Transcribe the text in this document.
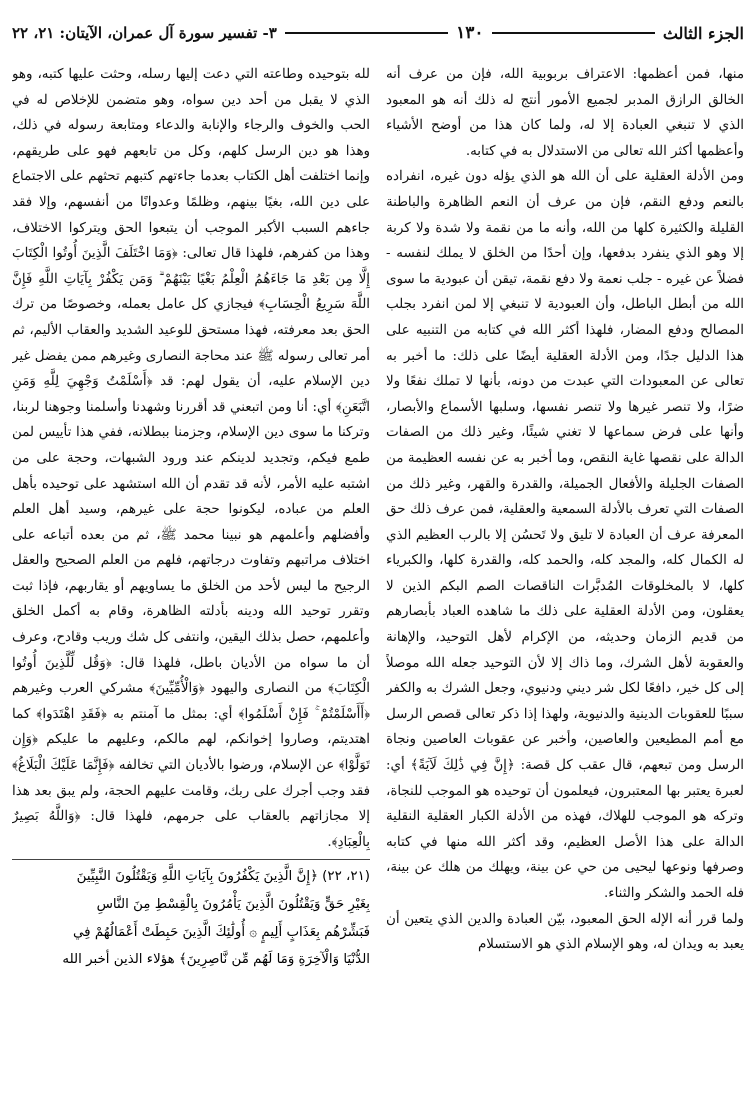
الجزء الثالث
١٣٠
٣- تفسير سورة آل عمران، الآيتان: ٢١، ٢٢

منها، فمن أعظمها: الاعتراف بربوبية الله، فإن من عرف أنه الخالق الرازق المدبر لجميع الأمور أنتج له ذلك أنه هو المعبود الذي لا تنبغي العبادة إلا له، ولما كان هذا من أوضح الأشياء وأعظمها أكثر الله تعالى من الاستدلال به في كتابه.

ومن الأدلة العقلية على أن الله هو الذي يؤله دون غيره، انفراده بالنعم ودفع النقم، فإن من عرف أن النعم الظاهرة والباطنة القليلة والكثيرة كلها من الله، وأنه ما من نقمة ولا شدة ولا كربة إلا وهو الذي ينفرد بدفعها، وإن أحدًا من الخلق لا يملك لنفسه - فضلاً عن غيره - جلب نعمة ولا دفع نقمة، تيقن أن عبودية ما سوى الله من أبطل الباطل، وأن العبودية لا تنبغي إلا لمن انفرد بجلب المصالح ودفع المضار، فلهذا أكثر الله في كتابه من التنبيه على هذا الدليل جدًا، ومن الأدلة العقلية أيضًا على ذلك: ما أخبر به تعالى عن المعبودات التي عبدت من دونه، بأنها لا تملك نفعًا ولا ضرًا، ولا تنصر غيرها ولا تنصر نفسها، وسلبها الأسماع والأبصار، وأنها على فرض سماعها لا تغني شيئًا، وغير ذلك من الصفات الدالة على نقصها غاية النقص، وما أخبر به عن نفسه العظيمة من الصفات الجليلة والأفعال الجميلة، والقدرة والقهر، وغير ذلك من الصفات التي تعرف بالأدلة السمعية والعقلية، فمن عرف ذلك حق المعرفة عرف أن العبادة لا تليق ولا تَحسُن إلا بالرب العظيم الذي له الكمال كله، والمجد كله، والحمد كله، والقدرة كلها، والكبرياء كلها، لا بالمخلوقات المُدبَّرات الناقصات الصم البكم الذين لا يعقلون، ومن الأدلة العقلية على ذلك ما شاهده العباد بأبصارهم من قديم الزمان وحديثه، من الإكرام لأهل التوحيد، والإهانة والعقوبة لأهل الشرك، وما ذاك إلا لأن التوحيد جعله الله موصلاً إلى كل خير، دافعًا لكل شر ديني ودنيوي، وجعل الشرك به والكفر سببًا للعقوبات الدينية والدنيوية، ولهذا إذا ذكر تعالى قصص الرسل مع أمم المطيعين والعاصين، وأخبر عن عقوبات العاصين ونجاة الرسل ومن تبعهم، قال عقب كل قصة: ﴿إِنَّ فِي ذَٰلِكَ لَآيَةً﴾ أي: لعبرة يعتبر بها المعتبرون، فيعلمون أن توحيده هو الموجب للنجاة، وتركه هو الموجب للهلاك، فهذه من الأدلة الكبار العقلية النقلية الدالة على هذا الأصل العظيم، وقد أكثر الله منها في كتابه وصرفها ونوعها ليحيى من حي عن بينة، ويهلك من هلك عن بينة، فله الحمد والشكر والثناء.

ولما قرر أنه الإله الحق المعبود، بيّن العبادة والدين الذي يتعين أن يعبد به ويدان له، وهو الإسلام الذي هو الاستسلام

لله بتوحيده وطاعته التي دعت إليها رسله، وحثت عليها كتبه، وهو الذي لا يقبل من أحد دين سواه، وهو متضمن للإخلاص له في الحب والخوف والرجاء والإنابة والدعاء ومتابعة رسوله في ذلك، وهذا هو دين الرسل كلهم، وكل من تابعهم فهو على طريقهم، وإنما اختلفت أهل الكتاب بعدما جاءتهم كتبهم تحثهم على الاجتماع على دين الله، بغيًا بينهم، وظلمًا وعدوانًا من أنفسهم، وإلا فقد جاءهم السبب الأكبر الموجب أن يتبعوا الحق ويتركوا الاختلاف، وهذا من كفرهم، فلهذا قال تعالى: ﴿وَمَا اخْتَلَفَ الَّذِينَ أُوتُوا الْكِتَابَ إِلَّا مِن بَعْدِ مَا جَاءَهُمُ الْعِلْمُ بَغْيًا بَيْنَهُمْ ۗ وَمَن يَكْفُرْ بِآيَاتِ اللَّهِ فَإِنَّ اللَّهَ سَرِيعُ الْحِسَابِ﴾ فيجازي كل عامل بعمله، وخصوصًا من ترك الحق بعد معرفته، فهذا مستحق للوعيد الشديد والعقاب الأليم، ثم أمر تعالى رسوله ﷺ عند محاجة النصارى وغيرهم ممن يفضل غير دين الإسلام عليه، أن يقول لهم: قد ﴿أَسْلَمْتُ وَجْهِيَ لِلَّهِ وَمَنِ اتَّبَعَنِ﴾ أي: أنا ومن اتبعني قد أقررنا وشهدنا وأسلمنا وجوهنا لربنا، وتركنا ما سوى دين الإسلام، وجزمنا ببطلانه، ففي هذا تأييس لمن طمع فيكم، وتجديد لدينكم عند ورود الشبهات، وحجة على من اشتبه عليه الأمر، لأنه قد تقدم أن الله استشهد على توحيده بأهل العلم من عباده، ليكونوا حجة على غيرهم، وسيد أهل العلم وأفضلهم وأعلمهم هو نبينا محمد ﷺ، ثم من بعده أتباعه على اختلاف مراتبهم وتفاوت درجاتهم، فلهم من العلم الصحيح والعقل الرجيح ما ليس لأحد من الخلق ما يساويهم أو يقاربهم، فإذا ثبت وتقرر توحيد الله ودينه بأدلته الظاهرة، وقام به أكمل الخلق وأعلمهم، حصل بذلك اليقين، وانتفى كل شك وريب وقادح، وعرف أن ما سواه من الأديان باطل، فلهذا قال: ﴿وَقُل لِّلَّذِينَ أُوتُوا الْكِتَابَ﴾ من النصارى واليهود ﴿وَالْأُمِّيِّينَ﴾ مشركي العرب وغيرهم ﴿أَأَسْلَمْتُمْ ۚ فَإِنْ أَسْلَمُوا﴾ أي: بمثل ما آمنتم به ﴿فَقَدِ اهْتَدَوا﴾ كما اهتديتم، وصاروا إخوانكم، لهم مالكم، وعليهم ما عليكم ﴿وَإِن تَوَلَّوْا﴾ عن الإسلام، ورضوا بالأديان التي تخالفه ﴿فَإِنَّمَا عَلَيْكَ الْبَلَاغُ﴾ فقد وجب أجرك على ربك، وقامت عليهم الحجة، ولم يبق بعد هذا إلا مجازاتهم بالعقاب على جرمهم، فلهذا قال: ﴿وَاللَّهُ بَصِيرٌ بِالْعِبَادِ﴾.

(٢١، ٢٢) ﴿إِنَّ الَّذِينَ يَكْفُرُونَ بِآيَاتِ اللَّهِ وَيَقْتُلُونَ النَّبِيِّينَ
بِغَيْرِ حَقٍّ وَيَقْتُلُونَ الَّذِينَ يَأْمُرُونَ بِالْقِسْطِ مِنَ النَّاسِ
فَبَشِّرْهُم بِعَذَابٍ أَلِيمٍ ۞ أُولَٰئِكَ الَّذِينَ حَبِطَتْ أَعْمَالُهُمْ فِي
الدُّنْيَا وَالْآخِرَةِ وَمَا لَهُم مِّن نَّاصِرِينَ﴾ هؤلاء الذين أخبر الله
